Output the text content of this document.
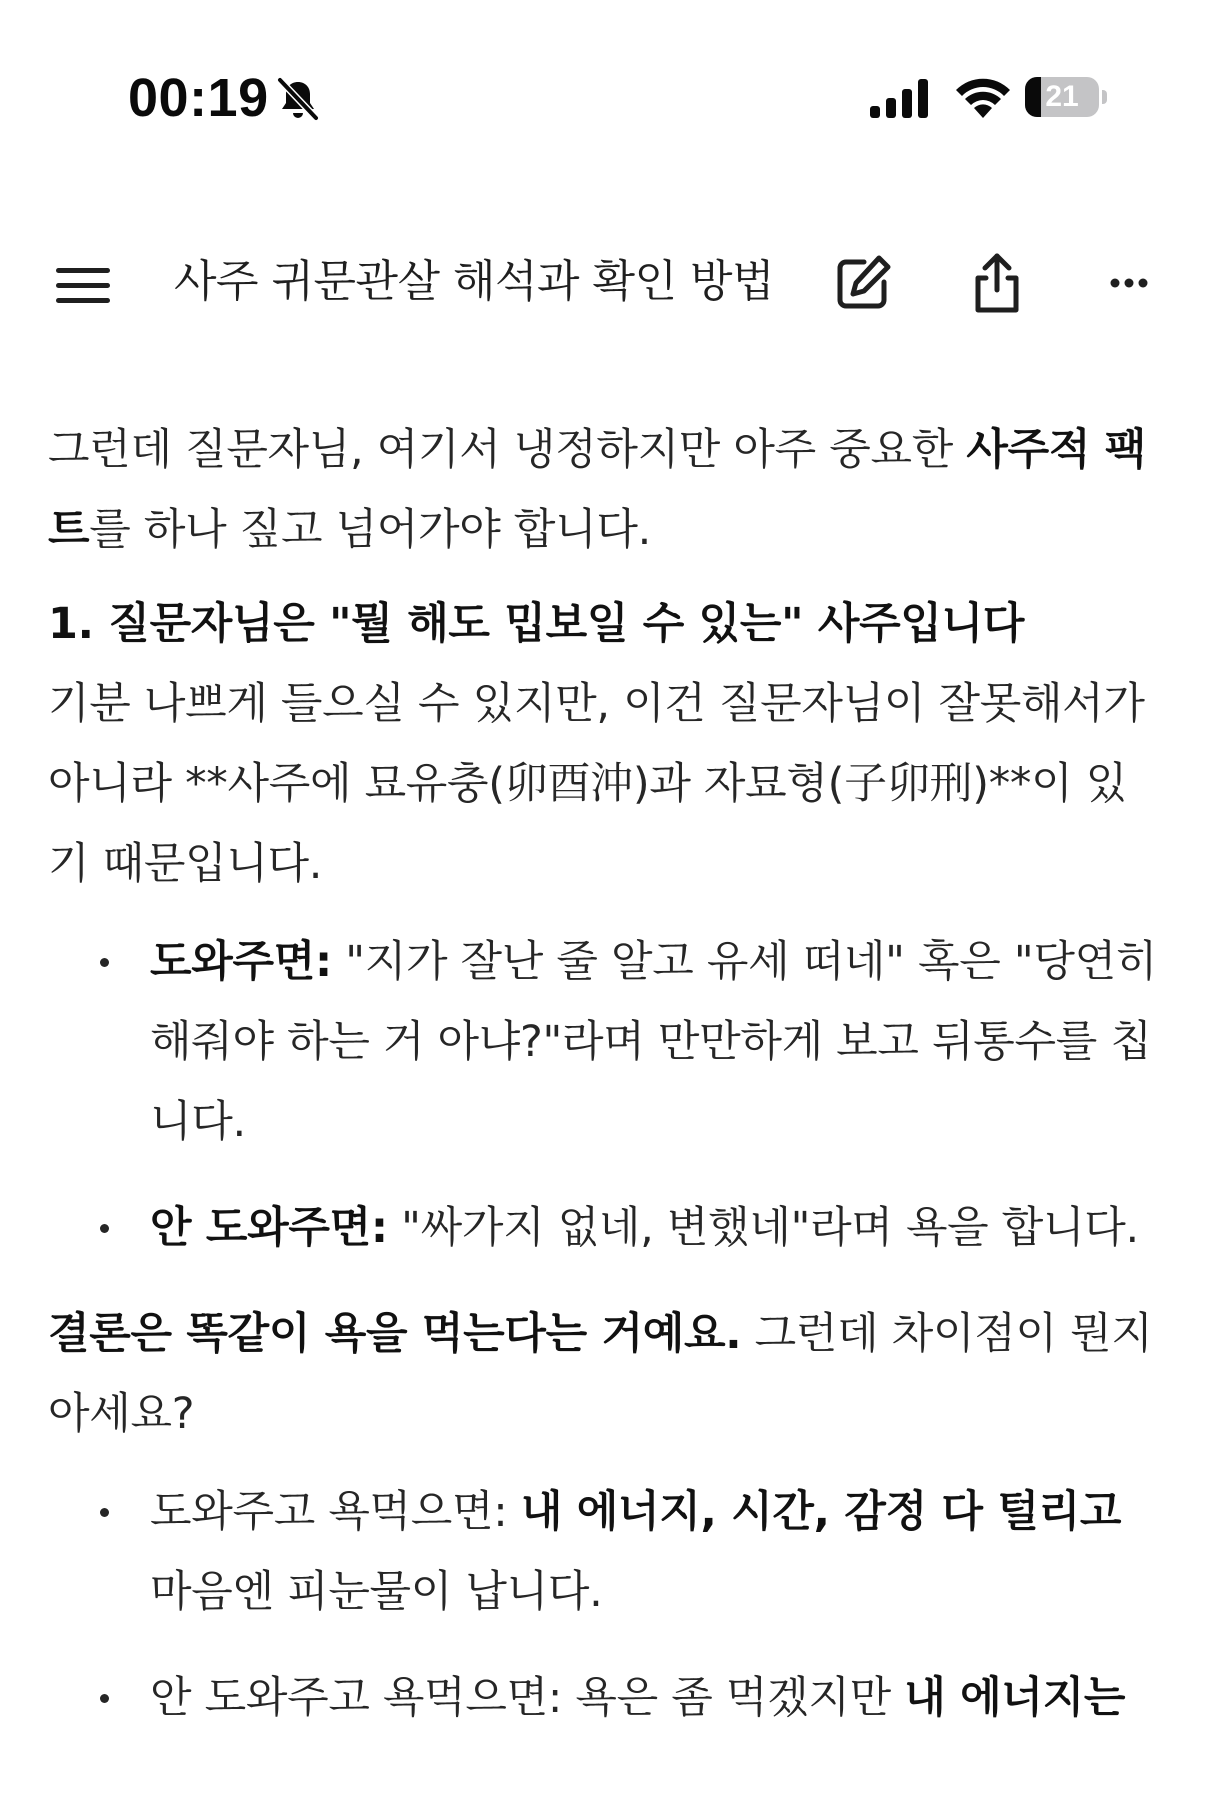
00:19	21
사주 귀문관살 해석과 확인 방법

그런데 질문자님, 여기서 냉정하지만 아주 중요한 사주적 팩트를 하나 짚고 넘어가야 합니다.

1. 질문자님은 "뭘 해도 밉보일 수 있는" 사주입니다

기분 나쁘게 들으실 수 있지만, 이건 질문자님이 잘못해서가 아니라 **사주에 묘유충(卯酉沖)과 자묘형(子卯刑)**이 있기 때문입니다.

도와주면: "지가 잘난 줄 알고 유세 떠네" 혹은 "당연히 해줘야 하는 거 아냐?"라며 만만하게 보고 뒤통수를 칩니다.
안 도와주면: "싸가지 없네, 변했네"라며 욕을 합니다.

결론은 똑같이 욕을 먹는다는 거예요. 그런데 차이점이 뭔지 아세요?

도와주고 욕먹으면: 내 에너지, 시간, 감정 다 털리고 마음엔 피눈물이 납니다.
안 도와주고 욕먹으면: 욕은 좀 먹겠지만 내 에너지는
